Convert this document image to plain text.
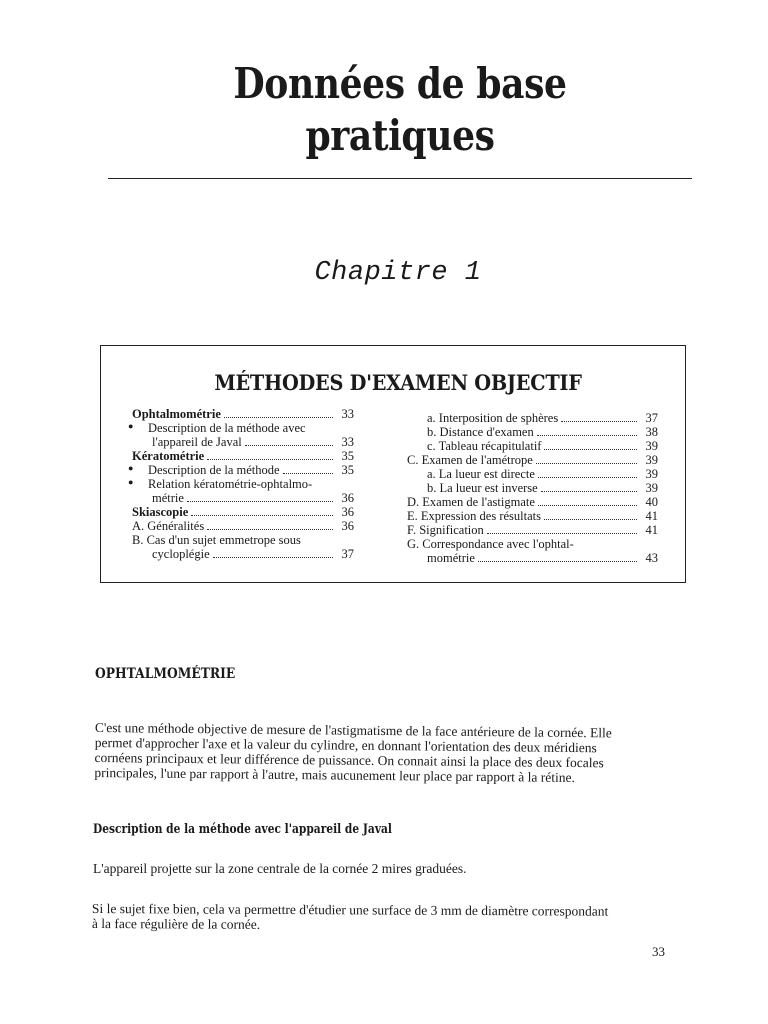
Données de base
pratiques
Chapitre 1
MÉTHODES D'EXAMEN OBJECTIF
Ophtalmométrie	33
● Description de la méthode avec
l'appareil de Javal	33
Kératométrie	35
● Description de la méthode	35
● Relation kératométrie-ophtalmo-
métrie	36
Skiascopie	36
A. Généralités	36
B. Cas d'un sujet emmetrope sous
cycloplégie	37
a. Interposition de sphères	37
b. Distance d'examen	38
c. Tableau récapitulatif	39
C. Examen de l'amétrope	39
a. La lueur est directe	39
b. La lueur est inverse	39
D. Examen de l'astigmate	40
E. Expression des résultats	41
F. Signification	41
G. Correspondance avec l'ophtal-
mométrie	43
OPHTALMOMÉTRIE
C'est une méthode objective de mesure de l'astigmatisme de la face antérieure de la cornée. Elle
permet d'approcher l'axe et la valeur du cylindre, en donnant l'orientation des deux méridiens
cornéens principaux et leur différence de puissance. On connait ainsi la place des deux focales
principales, l'une par rapport à l'autre, mais aucunement leur place par rapport à la rétine.
Description de la méthode avec l'appareil de Javal
L'appareil projette sur la zone centrale de la cornée 2 mires graduées.
Si le sujet fixe bien, cela va permettre d'étudier une surface de 3 mm de diamètre correspondant
à la face régulière de la cornée.
33
